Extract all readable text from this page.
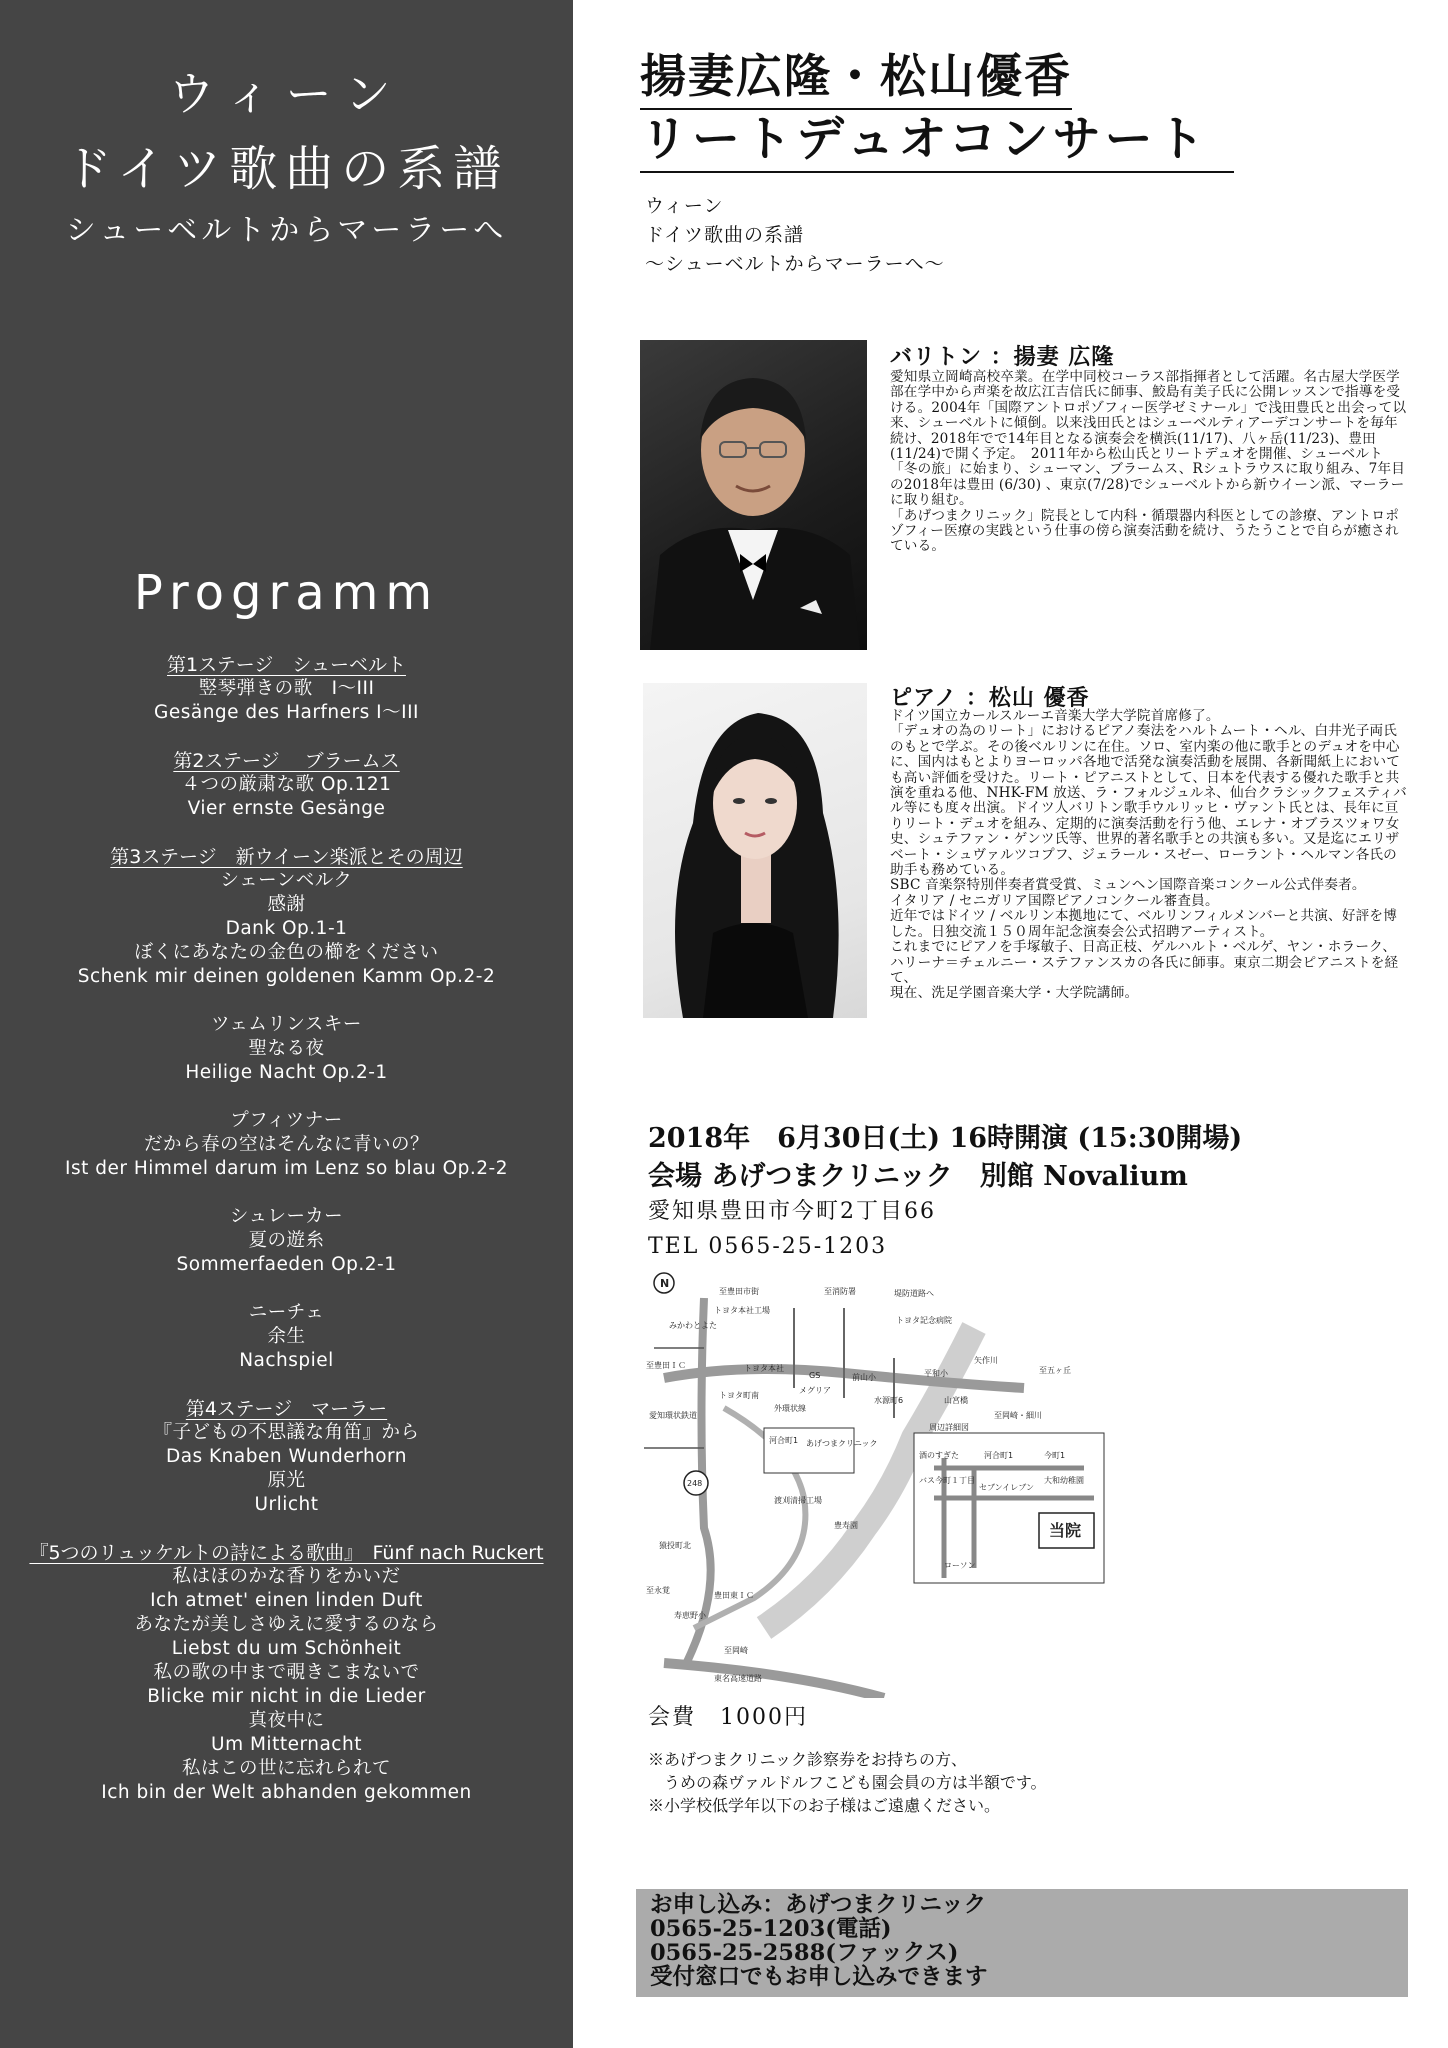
ウィーン
ドイツ歌曲の系譜
シューベルトからマーラーへ
Programm
第1ステージ　シューベルト
竪琴弾きの歌　I〜III
Gesänge des Harfners I〜III
第2ステージ　 ブラームス
４つの厳粛な歌 Op.121
Vier ernste Gesänge
第3ステージ　新ウイーン楽派とその周辺
シェーンベルク
感謝
Dank Op.1-1
ぼくにあなたの金色の櫛をください
Schenk mir deinen goldenen Kamm Op.2-2
ツェムリンスキー
聖なる夜
Heilige Nacht Op.2-1
プフィツナー
だから春の空はそんなに青いの？
Ist der Himmel darum im Lenz so blau Op.2-2
シュレーカー
夏の遊糸
Sommerfaeden Op.2-1
ニーチェ
余生
Nachspiel
第4ステージ　マーラー
『子どもの不思議な角笛』から
Das Knaben Wunderhorn
原光
Urlicht
『5つのリュッケルトの詩による歌曲』　Fünf nach Ruckert
私はほのかな香りをかいだ
Ich atmet' einen linden Duft
あなたが美しさゆえに愛するのなら
Liebst du um Schönheit
私の歌の中まで覗きこまないで
Blicke mir nicht in die Lieder
真夜中に
Um Mitternacht
私はこの世に忘れられて
Ich bin der Welt abhanden gekommen
揚妻広隆・松山優香
リートデュオコンサート
ウィーン
ドイツ歌曲の系譜
〜シューベルトからマーラーへ〜
バリトン ：揚妻 広隆

愛知県立岡崎高校卒業。在学中同校コーラス部指揮者として活躍。名古屋大学医学部在学中から声楽を故広江吉信氏に師事、鮫島有美子氏に公開レッスンで指導を受ける。2004年「国際アントロポゾフィー医学ゼミナール」で浅田豊氏と出会って以来、シューベルトに傾倒。以来浅田氏とはシューベルティアーデコンサートを毎年続け、2018年でで14年目となる演奏会を横浜(11/17)、八ヶ岳(11/23)、豊田(11/24)で開く予定。　2011年から松山氏とリートデュオを開催、シューベルト「冬の旅」に始まり、シューマン、ブラームス、Rシュトラウスに取り組み、7年目の2018年は豊田 (6/30) 、東京(7/28)でシューベルトから新ウイーン派、マーラーに取り組む。

「あげつまクリニック」院長として内科・循環器内科医としての診療、アントロポゾフィー医療の実践という仕事の傍ら演奏活動を続け、うたうことで自らが癒されている。

ピアノ ：松山 優香

ドイツ国立カールスルーエ音楽大学大学院首席修了。

「デュオの為のリート」におけるピアノ奏法をハルトムート・ヘル、白井光子両氏のもとで学ぶ。その後ベルリンに在住。ソロ、室内楽の他に歌手とのデュオを中心に、国内はもとよりヨーロッパ各地で活発な演奏活動を展開、各新聞紙上においても高い評価を受けた。リート・ピアニストとして、日本を代表する優れた歌手と共演を重ねる他、NHK-FM 放送、ラ・フォルジュルネ、仙台クラシックフェスティバル等にも度々出演。ドイツ人バリトン歌手ウルリッヒ・ヴァント氏とは、長年に亘りリート・デュオを組み、定期的に演奏活動を行う他、エレナ・オブラスツォワ女史、シュテファン・ゲンツ氏等、世界的著名歌手との共演も多い。又是迄にエリザベート・シュヴァルツコプフ、ジェラール・スゼー、ローラント・ヘルマン各氏の助手も務めている。

SBC 音楽祭特別伴奏者賞受賞、ミュンヘン国際音楽コンクール公式伴奏者。

イタリア / セニガリア国際ピアノコンクール審査員。

近年ではドイツ / ベルリン本拠地にて、ベルリンフィルメンバーと共演、好評を博した。日独交流１５０周年記念演奏会公式招聘アーティスト。

これまでにピアノを手塚敏子、日高正枝、ゲルハルト・ベルゲ、ヤン・ホラーク、ハリーナ＝チェルニー・ステファンスカの各氏に師事。東京二期会ピアニストを経て、

現在、洗足学園音楽大学・大学院講師。

2018年　6月30日(土) 16時開演 (15:30開場)
会場 あげつまクリニック　別館 Novalium
愛知県豊田市今町2丁目66
TEL 0565-25-1203
N
当院
至豊田市街	至消防署	堤防道路へ
トヨタ本社工場
トヨタ記念病院
矢作川
至五ヶ丘
トヨタ本社
GS
メグリア
前山小	平和小
トヨタ町南
外環状線
水源町6	山宮橋
至岡崎・細川
周辺詳細図
河合町1 あげつまクリニック
酒のすぎた	河合町1	今町1
バス今町１丁目
セブンイレブン
大和幼稚園
渡刈清掃工場
豊寿園
ローソン
みかわとよた
愛知環状鉄道
豊田東ＩＣ
至岡崎
東名高速道路
至豊田ＩＣ
猿投町北
至永覚
寿恵野小
248
会費　1000円

※あげつまクリニック診察券をお持ちの方、

　うめの森ヴァルドルフこども園会員の方は半額です。

※小学校低学年以下のお子様はご遠慮ください。

お申し込み：あげつまクリニック

0565-25-1203(電話)

0565-25-2588(ファックス)

受付窓口でもお申し込みできます
